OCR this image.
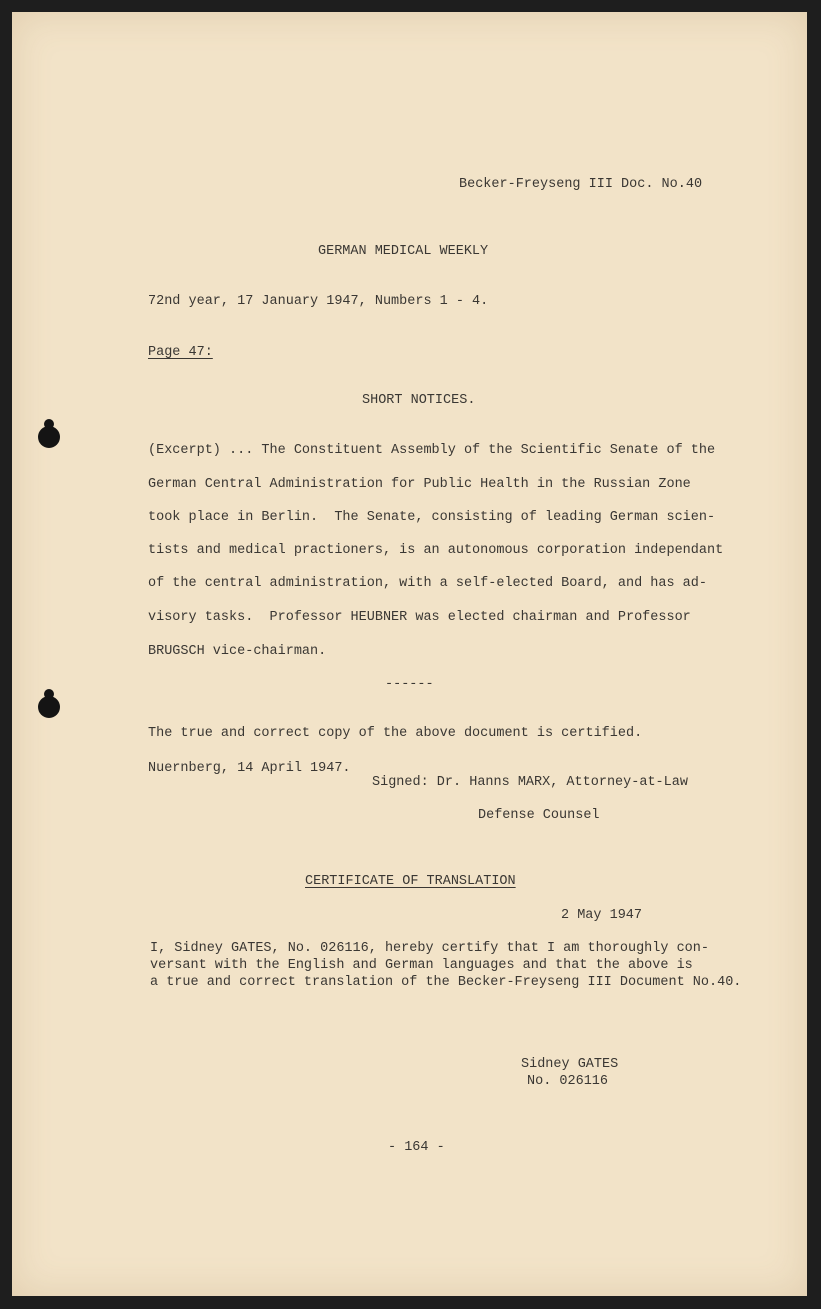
Becker-Freyseng III Doc. No.40

GERMAN MEDICAL WEEKLY

72nd year, 17 January 1947, Numbers 1 - 4.

Page 47:

SHORT NOTICES.

(Excerpt) ... The Constituent Assembly of the Scientific Senate of the

German Central Administration for Public Health in the Russian Zone

took place in Berlin.  The Senate, consisting of leading German scien-

tists and medical practioners, is an autonomous corporation independant

of the central administration, with a self-elected Board, and has ad-

visory tasks.  Professor HEUBNER was elected chairman and Professor

BRUGSCH vice-chairman.

------

The true and correct copy of the above document is certified.

Nuernberg, 14 April 1947.

Signed: Dr. Hanns MARX, Attorney-at-Law

Defense Counsel

CERTIFICATE OF TRANSLATION

2 May 1947

I, Sidney GATES, No. 026116, hereby certify that I am thoroughly con-

versant with the English and German languages and that the above is

a true and correct translation of the Becker-Freyseng III Document No.40.

Sidney GATES

No. 026116

- 164 -
